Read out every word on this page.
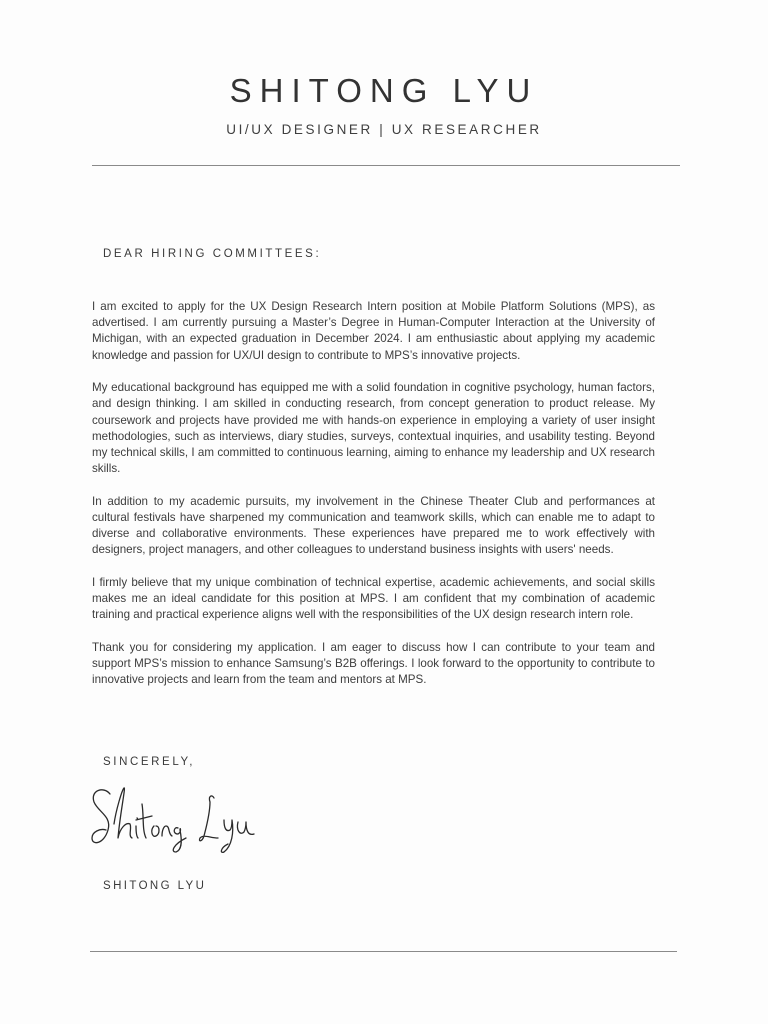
SHITONG LYU
UI/UX DESIGNER | UX RESEARCHER
DEAR HIRING COMMITTEES:

I am excited to apply for the UX Design Research Intern position at Mobile Platform Solutions (MPS), as advertised. I am currently pursuing a Master’s Degree in Human-Computer Interaction at the University of Michigan, with an expected graduation in December 2024. I am enthusiastic about applying my academic knowledge and passion for UX/UI design to contribute to MPS’s innovative projects.

My educational background has equipped me with a solid foundation in cognitive psychology, human factors, and design thinking. I am skilled in conducting research, from concept generation to product release. My coursework and projects have provided me with hands-on experience in employing a variety of user insight methodologies, such as interviews, diary studies, surveys, contextual inquiries, and usability testing. Beyond my technical skills, I am committed to continuous learning, aiming to enhance my leadership and UX research skills.

In addition to my academic pursuits, my involvement in the Chinese Theater Club and performances at cultural festivals have sharpened my communication and teamwork skills, which can enable me to adapt to diverse and collaborative environments. These experiences have prepared me to work effectively with designers, project managers, and other colleagues to understand business insights with users' needs.

I firmly believe that my unique combination of technical expertise, academic achievements, and social skills makes me an ideal candidate for this position at MPS. I am confident that my combination of academic training and practical experience aligns well with the responsibilities of the UX design research intern role.

Thank you for considering my application. I am eager to discuss how I can contribute to your team and support MPS’s mission to enhance Samsung’s B2B offerings. I look forward to the opportunity to contribute to innovative projects and learn from the team and mentors at MPS.

SINCERELY,
SHITONG LYU
